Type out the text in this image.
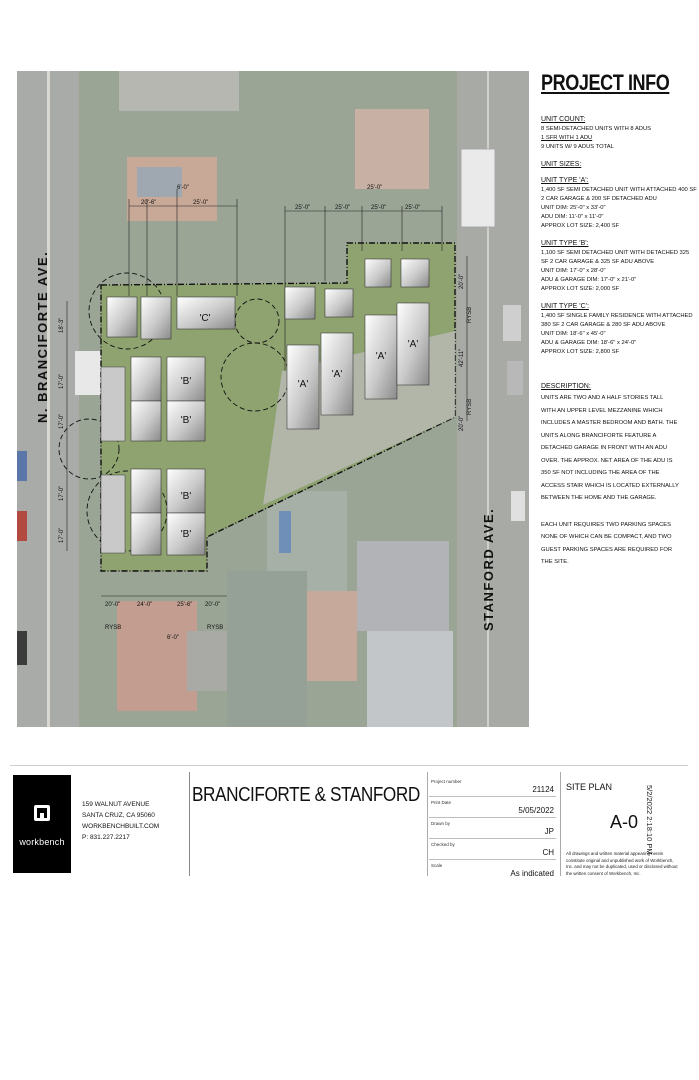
'A'
'A'
'A'
'A'
'B'
'B'
'B'
'B'
'C'
20'-6"
6'-0"
25'-0"
25'-0"	25'-0"	25'-0"	25'-0"
25'-0"
20'-0"	24'-0"	25'-6" 20'-0"
6'-0"
RYSB	RYSB
18'-3"
17'-0"
17'-0"
17'-0"
17'-0"
20'-0"
42'-11"
20'-0"
RYSB
RYSB
N. BRANCIFORTE AVE.
STANFORD AVE.
PROJECT INFO
UNIT COUNT:
8 SEMI-DETACHED UNITS WITH 8 ADUS
1 SFR WITH 1 ADU
9 UNITS W/ 9 ADUS TOTAL
UNIT SIZES:
UNIT TYPE 'A':
1,400 SF SEMI DETACHED UNIT WITH ATTACHED 400 SF
2 CAR GARAGE & 200 SF DETACHED ADU
UNIT DIM: 25'-0" x 33'-0"
ADU DIM: 11'-0" x 11'-0"
APPROX LOT SIZE: 2,400 SF
UNIT TYPE 'B':
1,100 SF SEMI DETACHED UNIT WITH DETACHED 325
SF 2 CAR GARAGE & 325 SF ADU ABOVE
UNIT DIM: 17'-0" x 28'-0"
ADU & GARAGE DIM: 17'-0" x 21'-0"
APPROX LOT SIZE: 2,000 SF
UNIT TYPE 'C':
1,400 SF SINGLE FAMILY RESIDENCE WITH ATTACHED
380 SF 2 CAR GARAGE & 280 SF ADU ABOVE
UNIT DIM: 18'-6" x 45'-0"
ADU & GARAGE DIM: 18'-6" x 24'-0"
APPROX LOT SIZE: 2,800 SF
DESCRIPTION:
UNITS ARE TWO AND A HALF STORIES TALL WITH AN UPPER LEVEL MEZZANINE WHICH INCLUDES A MASTER BEDROOM AND BATH. THE UNITS ALONG BRANCIFORTE FEATURE A DETACHED GARAGE IN FRONT WITH AN ADU OVER. THE APPROX. NET AREA OF THE ADU IS 350 SF NOT INCLUDING THE AREA OF THE ACCESS STAIR WHICH IS LOCATED EXTERNALLY BETWEEN THE HOME AND THE GARAGE.
EACH UNIT REQUIRES TWO PARKING SPACES NONE OF WHICH CAN BE COMPACT, AND TWO GUEST PARKING SPACES ARE REQUIRED FOR THE SITE.
workbench
159 WALNUT AVENUE
SANTA CRUZ, CA 95060
WORKBENCHBUILT.COM
P: 831.227.2217
BRANCIFORTE & STANFORD
Project number
21124
Print Date
5/05/2022
Drawn by
JP
Checked by
CH
Scale
As indicated
SITE PLAN
A-0
All drawings and written material appearing herein constitute original and unpublished work of Workbench, Inc. and may not be duplicated, used or disclosed without the written consent of Workbench, Inc.
5/2/2022 2:18:10 PM
